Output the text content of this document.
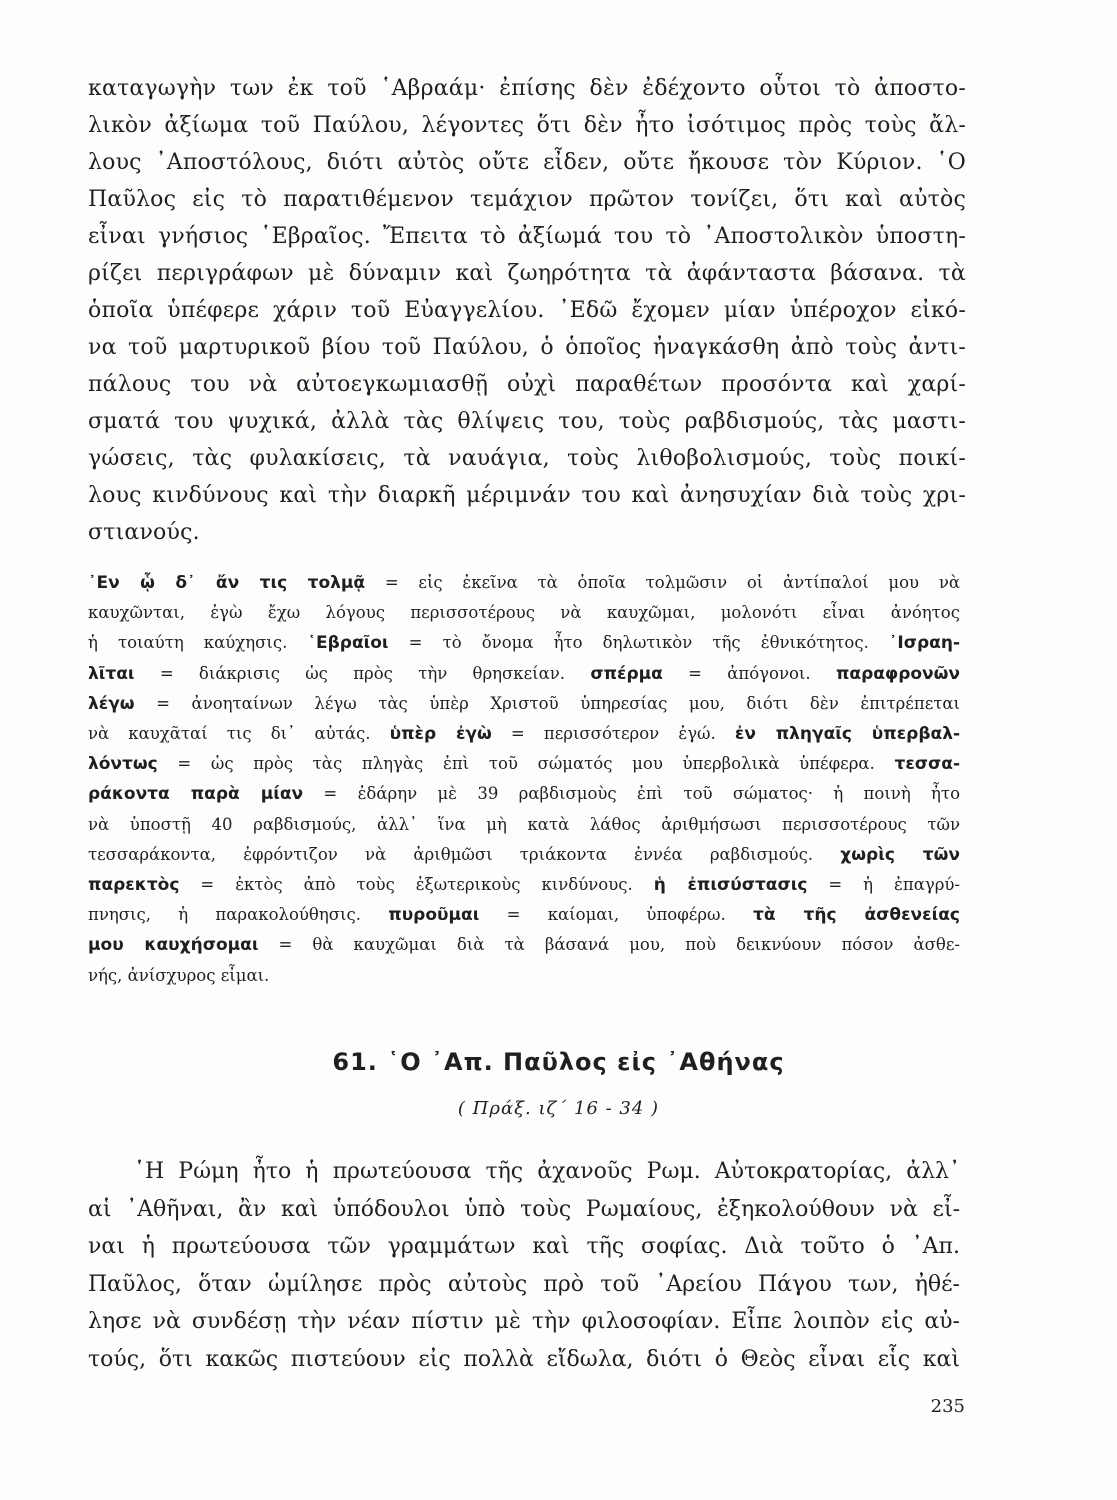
καταγωγὴν των ἐκ τοῦ ῾Αβραάμ· ἐπίσης δὲν ἐδέχοντο οὗτοι τὸ ἀποστο-
λικὸν ἀξίωμα τοῦ Παύλου, λέγοντες ὅτι δὲν ἦτο ἰσότιμος πρὸς τοὺς ἄλ-
λους ᾿Αποστόλους, διότι αὐτὸς οὔτε εἶδεν, οὔτε ἤκουσε τὸν Κύριον. ῾Ο
Παῦλος εἰς τὸ παρατιθέμενον τεμάχιον πρῶτον τονίζει, ὅτι καὶ αὐτὸς
εἶναι γνήσιος ῾Εβραῖος. Ἔπειτα τὸ ἀξίωμά του τὸ ᾿Αποστολικὸν ὑποστη-
ρίζει περιγράφων μὲ δύναμιν καὶ ζωηρότητα τὰ ἀφάνταστα βάσανα. τὰ
ὁποῖα ὑπέφερε χάριν τοῦ Εὐαγγελίου. ᾿Εδῶ ἔχομεν μίαν ὑπέροχον εἰκό-
να τοῦ μαρτυρικοῦ βίου τοῦ Παύλου, ὁ ὁποῖος ἠναγκάσθη ἀπὸ τοὺς ἀντι-
πάλους του νὰ αὐτοεγκωμιασθῇ οὐχὶ παραθέτων προσόντα καὶ χαρί-
σματά του ψυχικά, ἀλλὰ τὰς θλίψεις του, τοὺς ραβδισμούς, τὰς μαστι-
γώσεις, τὰς φυλακίσεις, τὰ ναυάγια, τοὺς λιθοβολισμούς, τοὺς ποικί-
λους κινδύνους καὶ τὴν διαρκῆ μέριμνάν του καὶ ἀνησυχίαν διὰ τοὺς χρι-
στιανούς.
᾿Εν ᾧ δ᾿ ἄν τις τολμᾷ = εἰς ἐκεῖνα τὰ ὁποῖα τολμῶσιν οἱ ἀντίπαλοί μου νὰ
καυχῶνται, ἐγὼ ἔχω λόγους περισσοτέρους νὰ καυχῶμαι, μολονότι εἶναι ἀνόητος
ἡ τοιαύτη καύχησις. ῾Εβραῖοι = τὸ ὄνομα ἦτο δηλωτικὸν τῆς ἐθνικότητος. ᾿Ισραη-
λῖται = διάκρισις ὡς πρὸς τὴν θρησκείαν. σπέρμα = ἀπόγονοι. παραφρονῶν
λέγω = ἀνοηταίνων λέγω τὰς ὑπὲρ Χριστοῦ ὑπηρεσίας μου, διότι δὲν ἐπιτρέπεται
νὰ καυχᾶταί τις δι᾿ αὐτάς. ὑπὲρ ἐγὼ = περισσότερον ἐγώ. ἐν πληγαῖς ὑπερβαλ-
λόντως = ὡς πρὸς τὰς πληγὰς ἐπὶ τοῦ σώματός μου ὑπερβολικὰ ὑπέφερα. τεσσα-
ράκοντα παρὰ μίαν = ἐδάρην μὲ 39 ραβδισμοὺς ἐπὶ τοῦ σώματος· ἡ ποινὴ ἦτο
νὰ ὑποστῇ 40 ραβδισμούς, ἀλλ᾿ ἵνα μὴ κατὰ λάθος ἀριθμήσωσι περισσοτέρους τῶν
τεσσαράκοντα, ἐφρόντιζον νὰ ἀριθμῶσι τριάκοντα ἐννέα ραβδισμούς. χωρὶς τῶν
παρεκτὸς = ἐκτὸς ἀπὸ τοὺς ἐξωτερικοὺς κινδύνους. ἡ ἐπισύστασις = ἡ ἐπαγρύ-
πνησις, ἡ παρακολούθησις. πυροῦμαι = καίομαι, ὑποφέρω. τὰ τῆς ἀσθενείας
μου καυχήσομαι = θὰ καυχῶμαι διὰ τὰ βάσανά μου, ποὺ δεικνύουν πόσον ἀσθε-
νής, ἀνίσχυρος εἶμαι.
61. ῾Ο ᾿Απ. Παῦλος εἰς ᾿Αθήνας
( Πράξ. ιζ΄ 16 - 34 )
῾Η Ρώμη ἦτο ἡ πρωτεύουσα τῆς ἀχανοῦς Ρωμ. Αὐτοκρατορίας, ἀλλ᾿
αἱ ᾿Αθῆναι, ἂν καὶ ὑπόδουλοι ὑπὸ τοὺς Ρωμαίους, ἐξηκολούθουν νὰ εἶ-
ναι ἡ πρωτεύουσα τῶν γραμμάτων καὶ τῆς σοφίας. Διὰ τοῦτο ὁ ᾿Απ.
Παῦλος, ὅταν ὡμίλησε πρὸς αὐτοὺς πρὸ τοῦ ᾿Αρείου Πάγου των, ἠθέ-
λησε νὰ συνδέσῃ τὴν νέαν πίστιν μὲ τὴν φιλοσοφίαν. Εἶπε λοιπὸν εἰς αὐ-
τούς, ὅτι κακῶς πιστεύουν εἰς πολλὰ εἴδωλα, διότι ὁ Θεὸς εἶναι εἷς καὶ
235
